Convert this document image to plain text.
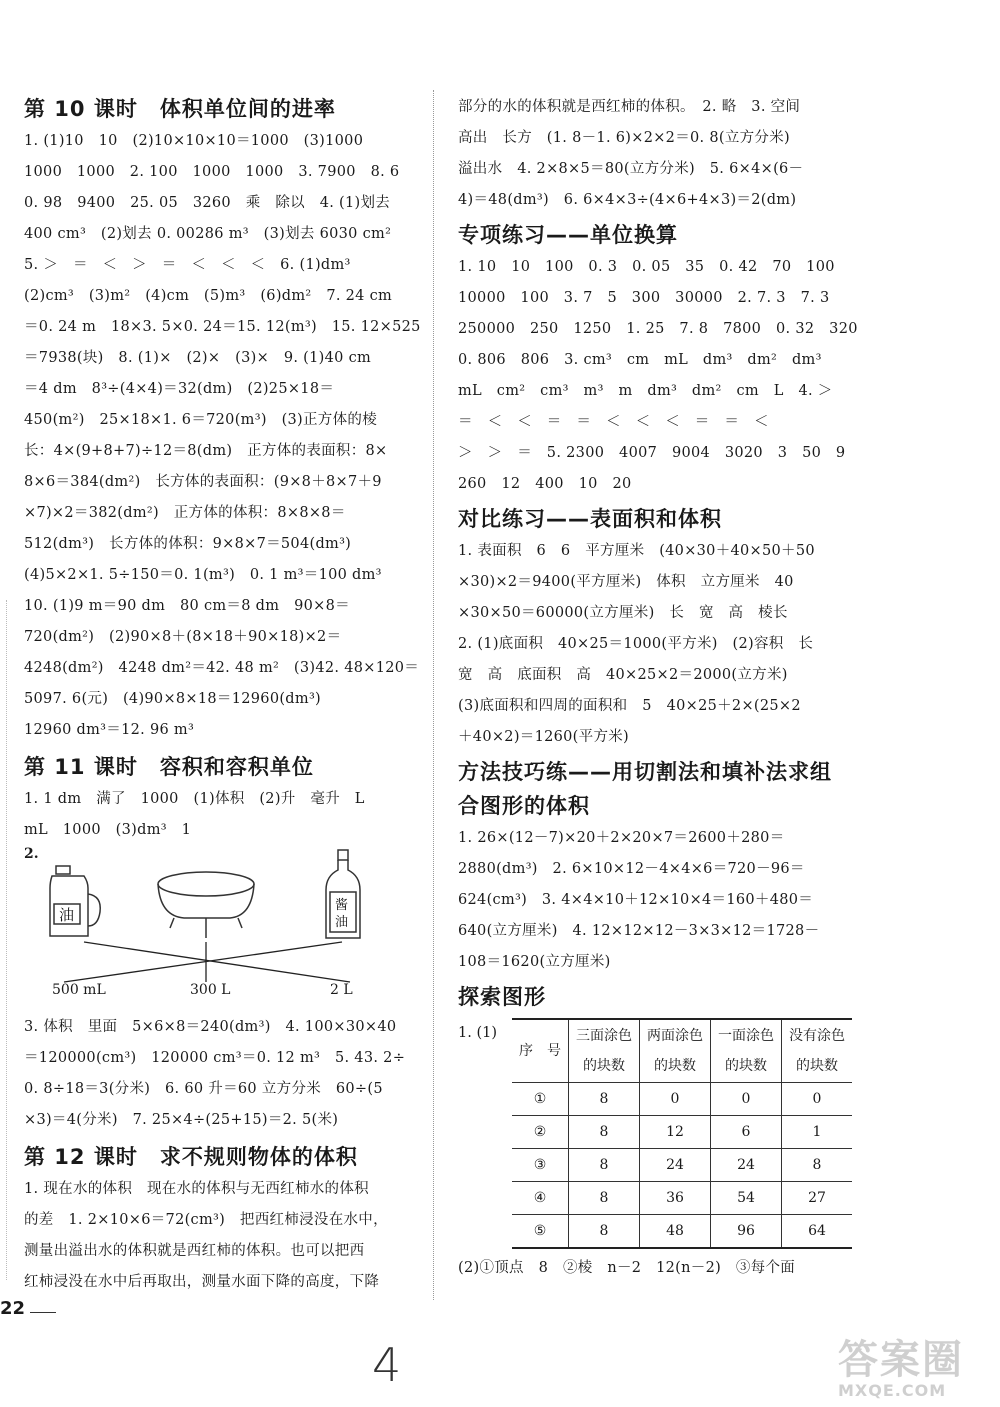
第 10 课时　体积单位间的进率
1. (1)10　10　(2)10×10×10＝1000　(3)1000
1000　1000　2. 100　1000　1000　3. 7900　8. 6
0. 98　9400　25. 05　3260　乘　除以　4. (1)划去
400 cm³　(2)划去 0. 00286 m³　(3)划去 6030 cm²
5. ＞　＝　＜　＞　＝　＜　＜　＜　6. (1)dm³
(2)cm³　(3)m²　(4)cm　(5)m³　(6)dm²　7. 24 cm
＝0. 24 m　18×3. 5×0. 24＝15. 12(m³)　15. 12×525
＝7938(块)　8. (1)×　(2)×　(3)×　9. (1)40 cm
＝4 dm　8³÷(4×4)＝32(dm)　(2)25×18＝
450(m²)　25×18×1. 6＝720(m³)　(3)正方体的棱
长：4×(9+8+7)÷12＝8(dm)　正方体的表面积：8×
8×6＝384(dm²)　长方体的表面积：(9×8＋8×7＋9
×7)×2＝382(dm²)　正方体的体积：8×8×8＝
512(dm³)　长方体的体积：9×8×7＝504(dm³)
(4)5×2×1. 5÷150＝0. 1(m³)　0. 1 m³＝100 dm³
10. (1)9 m＝90 dm　80 cm＝8 dm　90×8＝
720(dm²)　(2)90×8＋(8×18＋90×18)×2＝
4248(dm²)　4248 dm²＝42. 48 m²　(3)42. 48×120＝
5097. 6(元)　(4)90×8×18＝12960(dm³)
12960 dm³＝12. 96 m³
第 11 课时　容积和容积单位
1. 1 dm　满了　1000　(1)体积　(2)升　毫升　L
mL　1000　(3)dm³　1
2.
油
酱
油
500 mL	300 L	2 L
3. 体积　里面　5×6×8＝240(dm³)　4. 100×30×40
＝120000(cm³)　120000 cm³＝0. 12 m³　5. 43. 2÷
0. 8÷18＝3(分米)　6. 60 升＝60 立方分米　60÷(5
×3)＝4(分米)　7. 25×4÷(25+15)＝2. 5(米)
第 12 课时　求不规则物体的体积
1. 现在水的体积　现在水的体积与无西红柿水的体积
的差　1. 2×10×6＝72(cm³)　把西红柿浸没在水中，
测量出溢出水的体积就是西红柿的体积。也可以把西
红柿浸没在水中后再取出，测量水面下降的高度，下降
部分的水的体积就是西红柿的体积。　2. 略　3. 空间
高出　长方　(1. 8－1. 6)×2×2＝0. 8(立方分米)
溢出水　4. 2×8×5＝80(立方分米)　5. 6×4×(6－
4)＝48(dm³)　6. 6×4×3÷(4×6+4×3)＝2(dm)
专项练习——单位换算
1. 10　10　100　0. 3　0. 05　35　0. 42　70　100
10000　100　3. 7　5　300　30000　2. 7. 3　7. 3
250000　250　1250　1. 25　7. 8　7800　0. 32　320
0. 806　806　3. cm³　cm　mL　dm³　dm²　dm³
mL　cm²　cm³　m³　m　dm³　dm²　cm　L　4. ＞
＝　＜　＜　＝　＝　＜　＜　＜　＝　＝　＜
＞　＞　＝　5. 2300　4007　9004　3020　3　50　9
260　12　400　10　20
对比练习——表面积和体积
1. 表面积　6　6　平方厘米　(40×30＋40×50＋50
×30)×2＝9400(平方厘米)　体积　立方厘米　40
×30×50＝60000(立方厘米)　长　宽　高　棱长
2. (1)底面积　40×25＝1000(平方米)　(2)容积　长
宽　高　底面积　高　40×25×2＝2000(立方米)
(3)底面积和四周的面积和　5　40×25＋2×(25×2
＋40×2)＝1260(平方米)
方法技巧练——用切割法和填补法求组
合图形的体积
1. 26×(12－7)×20＋2×20×7＝2600＋280＝
2880(dm³)　2. 6×10×12－4×4×6＝720－96＝
624(cm³)　3. 4×4×10＋12×10×4＝160＋480＝
640(立方厘米)　4. 12×12×12－3×3×12＝1728－
108＝1620(立方厘米)
探索图形
1. (1)
序　号	三面涂色的块数	两面涂色的块数	一面涂色的块数	没有涂色的块数
①	8	0	0	0
②	8	12	6	1
③	8	24	24	8
④	8	36	54	27
⑤	8	48	96	64
(2)①顶点　8　②棱　n－2　12(n－2)　③每个面
22
4	答案圈
MXQE.COM
